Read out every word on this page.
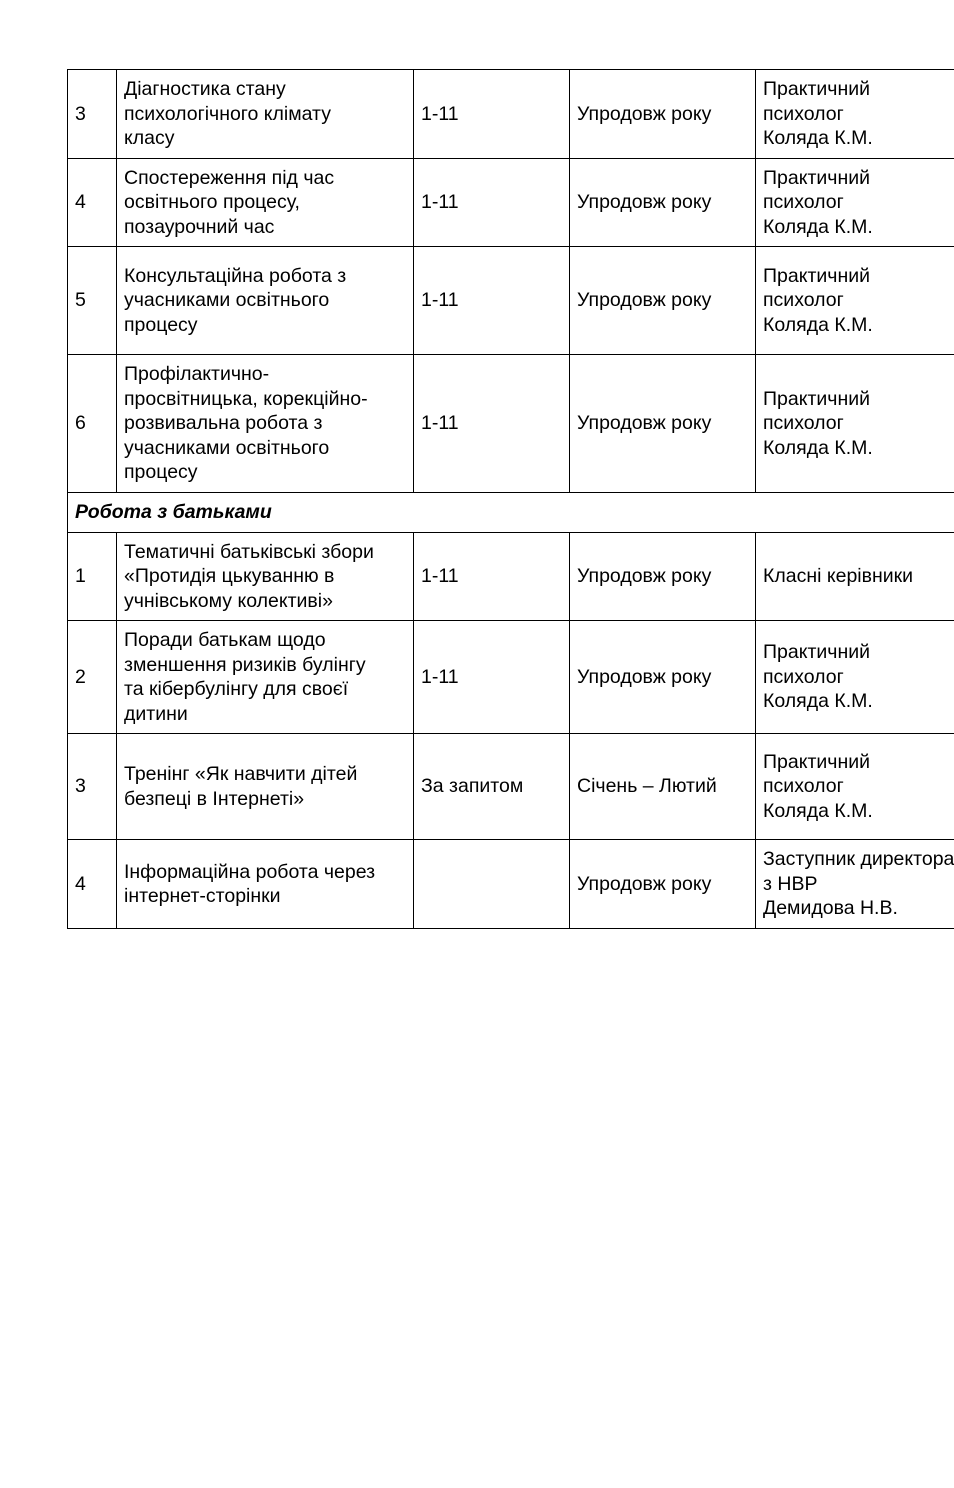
3	Діагностика стану
психологічного клімату
класу	1-11	Упродовж року	Практичний
психолог
Коляда К.М.

4	Спостереження під час
освітнього процесу,
позаурочний час	1-11	Упродовж року	Практичний
психолог
Коляда К.М.

5	Консультаційна робота з
учасниками освітнього
процесу	1-11	Упродовж року	Практичний
психолог
Коляда К.М.

6	Профілактично-
просвітницька, корекційно-
розвивальна робота з
учасниками освітнього
процесу	1-11	Упродовж року	Практичний
психолог
Коляда К.М.

Робота з батьками				
1	Тематичні батьківські збори
«Протидія цькуванню в
учнівському колективі»	1-11	Упродовж року	Класні керівники

2	Поради батькам щодо
зменшення ризиків булінгу
та кібербулінгу для своєї
дитини	1-11	Упродовж року	Практичний
психолог
Коляда К.М.

3	Тренінг «Як навчити дітей
безпеці в Інтернеті»	За запитом	Січень – Лютий	Практичний
психолог
Коляда К.М.

4	Інформаційна робота через
інтернет-сторінки		Упродовж року	Заступник директора
з НВР
Демидова Н.В.
